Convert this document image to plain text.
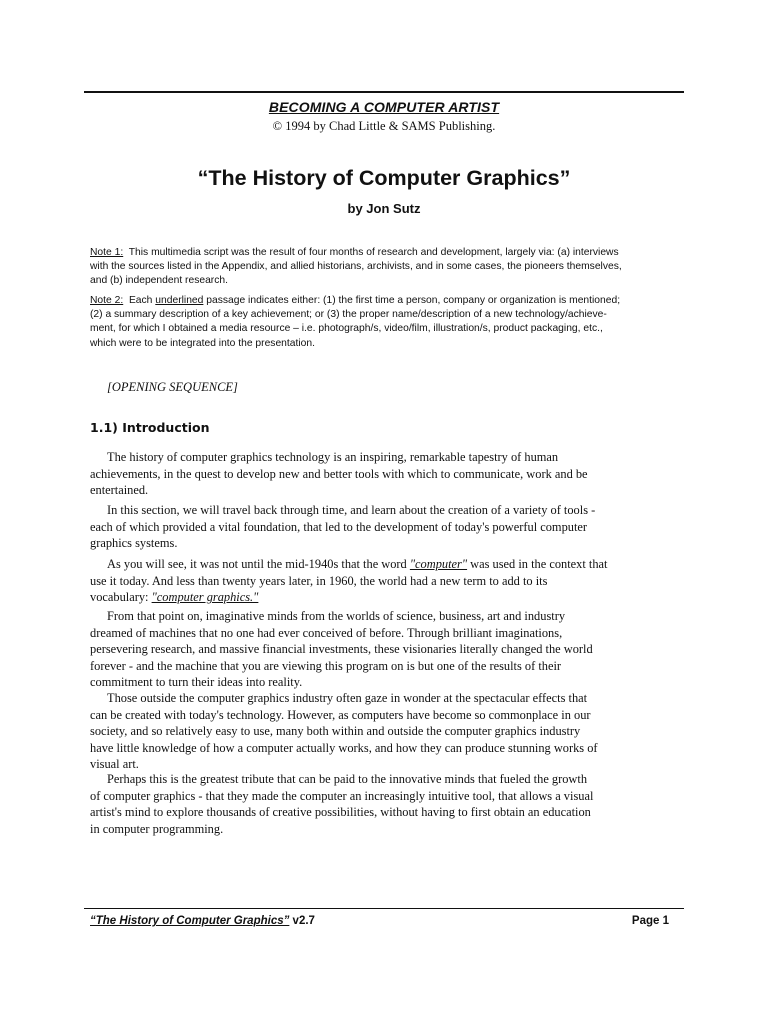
BECOMING A COMPUTER ARTIST
© 1994 by Chad Little & SAMS Publishing.
“The History of Computer Graphics”
by Jon Sutz
Note 1: This multimedia script was the result of four months of research and development, largely via: (a) interviews
with the sources listed in the Appendix, and allied historians, archivists, and in some cases, the pioneers themselves,
and (b) independent research.
Note 2: Each underlined passage indicates either: (1) the first time a person, company or organization is mentioned;
(2) a summary description of a key achievement; or (3) the proper name/description of a new technology/achieve-
ment, for which I obtained a media resource – i.e. photograph/s, video/film, illustration/s, product packaging, etc.,
which were to be integrated into the presentation.
[OPENING SEQUENCE]
1.1) Introduction

The history of computer graphics technology is an inspiring, remarkable tapestry of human
achievements, in the quest to develop new and better tools with which to communicate, work and be
entertained.

In this section, we will travel back through time, and learn about the creation of a variety of tools -
each of which provided a vital foundation, that led to the development of today's powerful computer
graphics systems.

As you will see, it was not until the mid-1940s that the word "computer" was used in the context that
use it today. And less than twenty years later, in 1960, the world had a new term to add to its
vocabulary: "computer graphics."

From that point on, imaginative minds from the worlds of science, business, art and industry
dreamed of machines that no one had ever conceived of before. Through brilliant imaginations,
persevering research, and massive financial investments, these visionaries literally changed the world
forever - and the machine that you are viewing this program on is but one of the results of their
commitment to turn their ideas into reality.

Those outside the computer graphics industry often gaze in wonder at the spectacular effects that
can be created with today's technology. However, as computers have become so commonplace in our
society, and so relatively easy to use, many both within and outside the computer graphics industry
have little knowledge of how a computer actually works, and how they can produce stunning works of
visual art.

Perhaps this is the greatest tribute that can be paid to the innovative minds that fueled the growth
of computer graphics - that they made the computer an increasingly intuitive tool, that allows a visual
artist's mind to explore thousands of creative possibilities, without having to first obtain an education
in computer programming.

“The History of Computer Graphics” v2.7	Page 1
